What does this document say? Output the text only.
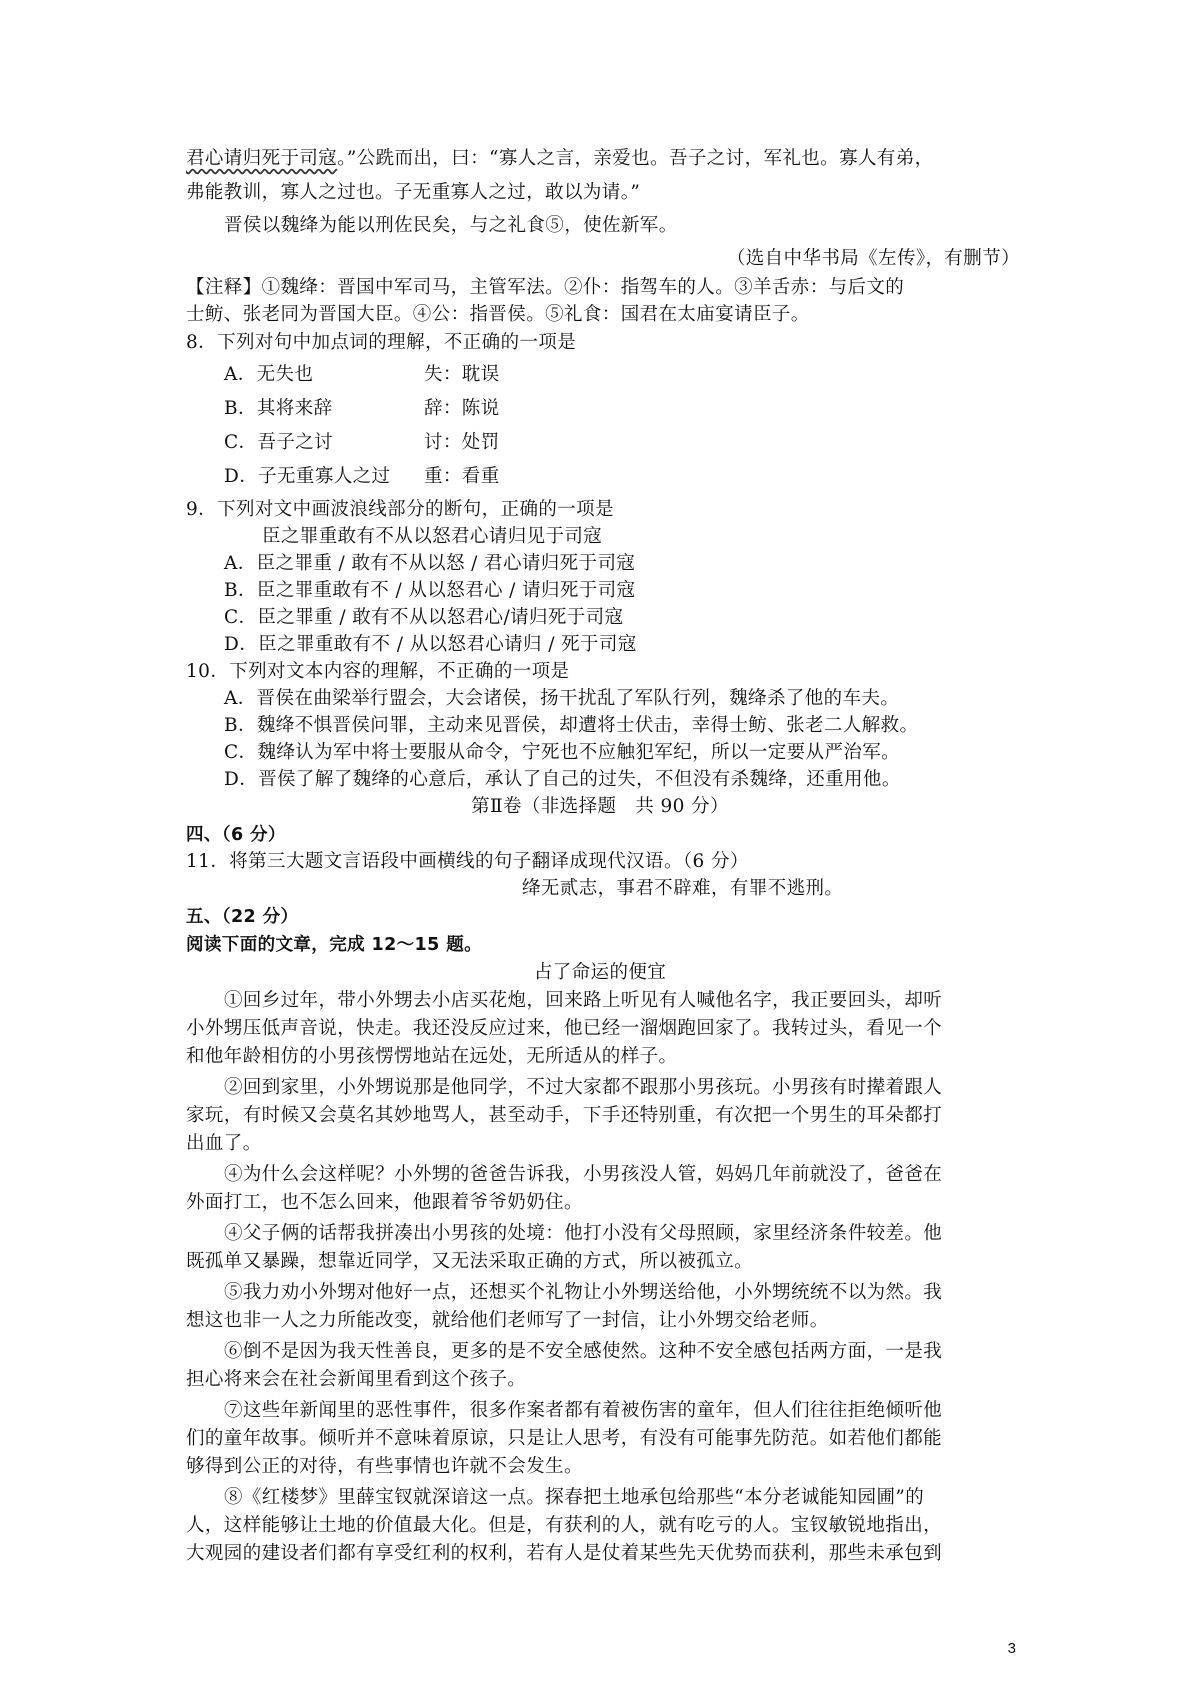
君心请归死于司寇。”公跣而出，曰：“寡人之言，亲爱也。吾子之讨，军礼也。寡人有弟，
弗能教训，寡人之过也。子无重寡人之过，敢以为请。”
晋侯以魏绛为能以刑佐民矣，与之礼食⑤，使佐新军。
（选自中华书局《左传》，有删节）
【注释】①魏绛：晋国中军司马，主管军法。②仆：指驾车的人。③羊舌赤：与后文的
士鲂、张老同为晋国大臣。④公：指晋侯。⑤礼食：国君在太庙宴请臣子。
8．下列对句中加点词的理解，不正确的一项是
A．无失也	失：耽误
B．其将来辞	辞：陈说
C．吾子之讨	讨：处罚
D．子无重寡人之过 重：看重
9．下列对文中画波浪线部分的断句，正确的一项是
臣之罪重敢有不从以怒君心请归见于司寇
A．臣之罪重 / 敢有不从以怒 / 君心请归死于司寇
B．臣之罪重敢有不 / 从以怒君心 / 请归死于司寇
C．臣之罪重 / 敢有不从以怒君心/请归死于司寇
D．臣之罪重敢有不 / 从以怒君心请归 / 死于司寇
10．下列对文本内容的理解，不正确的一项是
A．晋侯在曲梁举行盟会，大会诸侯，扬干扰乱了军队行列，魏绛杀了他的车夫。
B．魏绛不惧晋侯问罪，主动来见晋侯，却遭将士伏击，幸得士鲂、张老二人解救。
C．魏绛认为军中将士要服从命令，宁死也不应触犯军纪，所以一定要从严治军。
D．晋侯了解了魏绛的心意后，承认了自己的过失，不但没有杀魏绛，还重用他。
第Ⅱ卷（非选择题　共 90 分）
四、（6 分）
11．将第三大题文言语段中画横线的句子翻译成现代汉语。（6 分）
绛无贰志，事君不辟难，有罪不逃刑。
五、（22 分）
阅读下面的文章，完成 12～15 题。
占了命运的便宜
①回乡过年，带小外甥去小店买花炮，回来路上听见有人喊他名字，我正要回头，却听
小外甥压低声音说，快走。我还没反应过来，他已经一溜烟跑回家了。我转过头，看见一个
和他年龄相仿的小男孩愣愣地站在远处，无所适从的样子。
②回到家里，小外甥说那是他同学，不过大家都不跟那小男孩玩。小男孩有时撵着跟人
家玩，有时候又会莫名其妙地骂人，甚至动手，下手还特别重，有次把一个男生的耳朵都打
出血了。
④为什么会这样呢？小外甥的爸爸告诉我，小男孩没人管，妈妈几年前就没了，爸爸在
外面打工，也不怎么回来，他跟着爷爷奶奶住。
④父子俩的话帮我拼凑出小男孩的处境：他打小没有父母照顾，家里经济条件较差。他
既孤单又暴躁，想靠近同学，又无法采取正确的方式，所以被孤立。
⑤我力劝小外甥对他好一点，还想买个礼物让小外甥送给他，小外甥统统不以为然。我
想这也非一人之力所能改变，就给他们老师写了一封信，让小外甥交给老师。
⑥倒不是因为我天性善良，更多的是不安全感使然。这种不安全感包括两方面，一是我
担心将来会在社会新闻里看到这个孩子。
⑦这些年新闻里的恶性事件，很多作案者都有着被伤害的童年，但人们往往拒绝倾听他
们的童年故事。倾听并不意味着原谅，只是让人思考，有没有可能事先防范。如若他们都能
够得到公正的对待，有些事情也许就不会发生。
⑧《红楼梦》里薛宝钗就深谙这一点。探春把土地承包给那些“本分老诚能知园圃”的
人，这样能够让土地的价值最大化。但是，有获利的人，就有吃亏的人。宝钗敏锐地指出，
大观园的建设者们都有享受红利的权利，若有人是仗着某些先天优势而获利，那些未承包到
3
